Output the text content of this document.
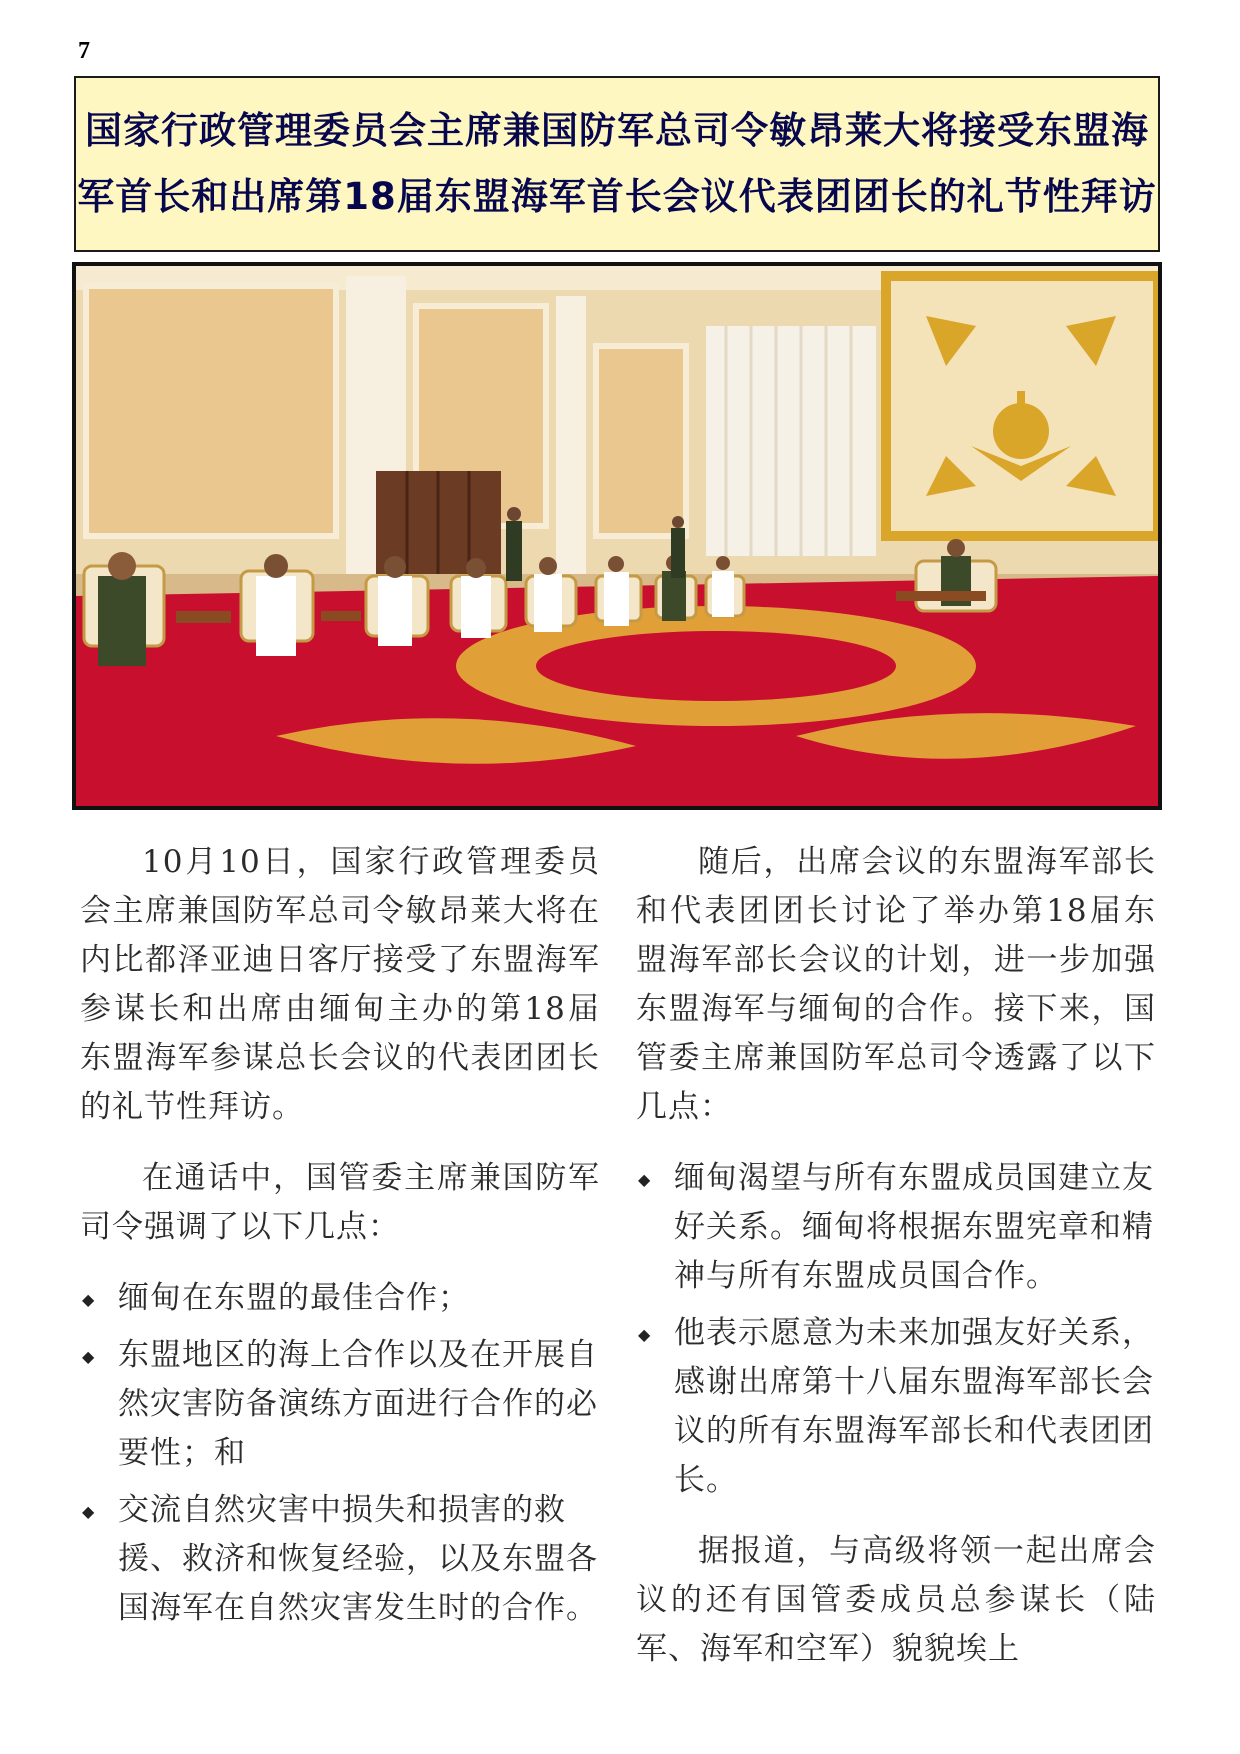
7
国家行政管理委员会主席兼国防军总司令敏昂莱大将接受东盟海
军首长和出席第18届东盟海军首长会议代表团团长的礼节性拜访

10月10日，国家行政管理委员会主席兼国防军总司令敏昂莱大将在内比都泽亚迪日客厅接受了东盟海军参谋长和出席由缅甸主办的第18届东盟海军参谋总长会议的代表团团长的礼节性拜访。

在通话中，国管委主席兼国防军司令强调了以下几点：

◆ 缅甸在东盟的最佳合作；
◆ 东盟地区的海上合作以及在开展自然灾害防备演练方面进行合作的必要性；和
◆ 交流自然灾害中损失和损害的救援、救济和恢复经验，以及东盟各国海军在自然灾害发生时的合作。

随后，出席会议的东盟海军部长和代表团团长讨论了举办第18届东盟海军部长会议的计划，进一步加强东盟海军与缅甸的合作。接下来，国管委主席兼国防军总司令透露了以下几点：

◆ 缅甸渴望与所有东盟成员国建立友好关系。缅甸将根据东盟宪章和精神与所有东盟成员国合作。
◆ 他表示愿意为未来加强友好关系，感谢出席第十八届东盟海军部长会议的所有东盟海军部长和代表团团长。

据报道，与高级将领一起出席会议的还有国管委成员总参谋长（陆军、海军和空军）貌貌埃上
